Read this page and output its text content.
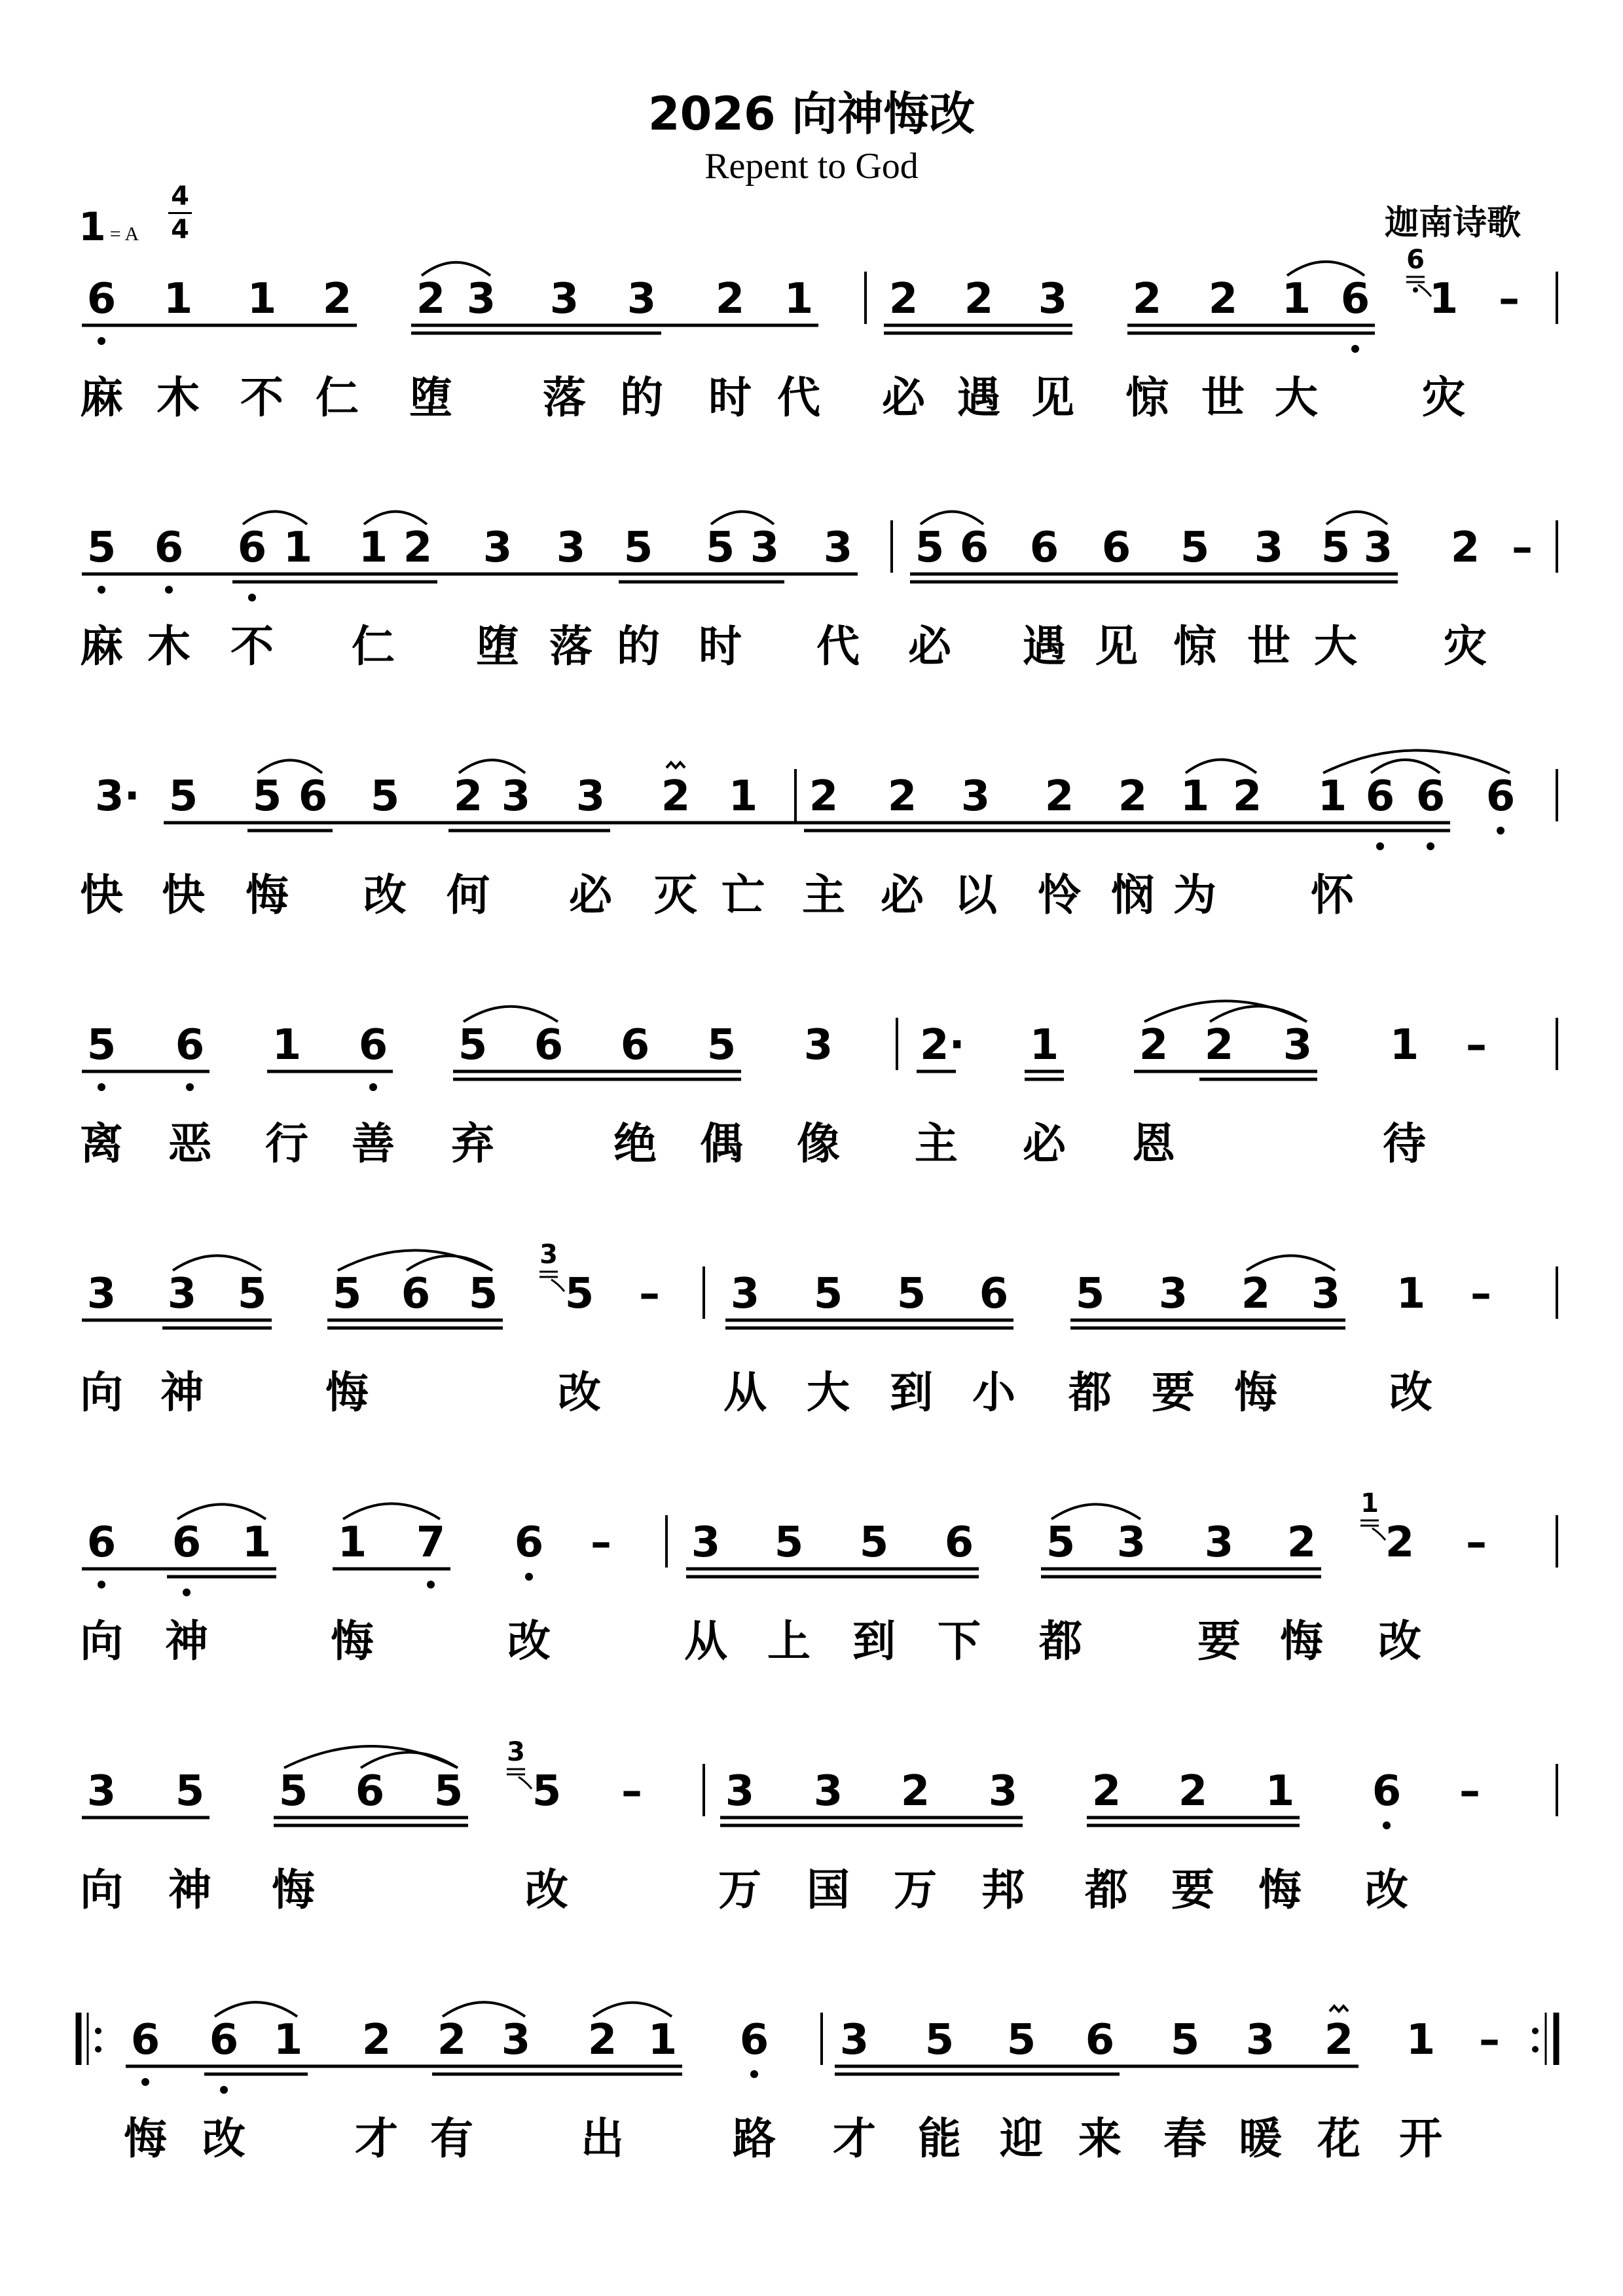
2026 向神悔改
Repent to God
迦南诗歌
1 = A
4
4
6 1 1 2 2 3 3 3 2 1 2 2 3 2 2 1 6 1 –
6
麻 木 不 仁 堕 落 的 时 代 必 遇 见 惊 世 大 灾
5 6 6 1 1 2 3 3 5 5 3 3 5 6 6 6 5 3 5 3 2 –
麻 木 不 仁 堕 落 的 时 代 必 遇 见 惊 世 大 灾
3· 5 5 6 5 2 3 3 2 1 2 2 3 2 2 1 2 1 6 6 6
快 快 悔 改 何 必 灭 亡 主 必 以 怜 悯 为 怀
5 6 1 6 5 6 6 5 3 2· 1 2 2 3 1 –
离 恶 行 善 弃	绝 偶 像 主 必 恩	待
3 3 5 5 6 5 5 – 3 5 5 6 5 3 2 3 1 –
3
向 神	悔	改	从 大 到 小 都 要 悔	改
6 6 1 1 7 6 – 3 5 5 6 5 3 3 2 2 –
1
向 神	悔	改	从 上 到 下 都	要 悔 改
3 5 5 6 5 5 – 3 3 2 3 2 2 1 6 –
3
向 神 悔	改	万 国 万 邦 都 要 悔 改
6 6 1 2 2 3 2 1 6 3 5 5 6 5 3 2 1 –
悔 改	才 有 出	路 才 能 迎 来 春 暖 花 开
